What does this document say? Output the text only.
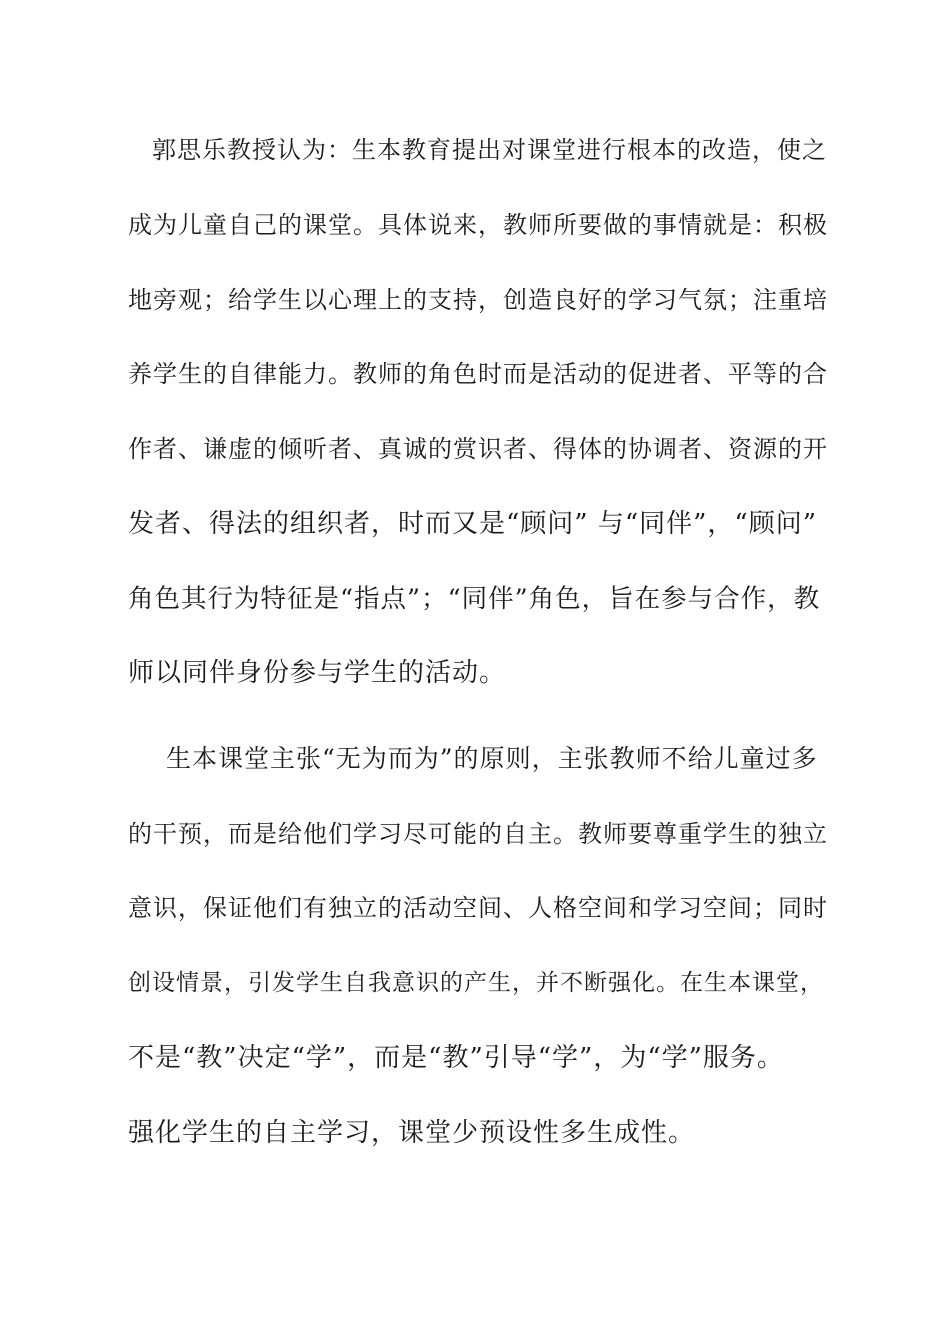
郭思乐教授认为：生本教育提出对课堂进行根本的改造，使之
成为儿童自己的课堂。具体说来，教师所要做的事情就是：积极
地旁观；给学生以心理上的支持，创造良好的学习气氛；注重培
养学生的自律能力。教师的角色时而是活动的促进者、平等的合
作者、谦虚的倾听者、真诚的赏识者、得体的协调者、资源的开
发者、得法的组织者，时而又是“顾问” 与“同伴”，“顾问”
角色其行为特征是“指点”；“同伴”角色，旨在参与合作，教
师以同伴身份参与学生的活动。
生本课堂主张“无为而为”的原则，主张教师不给儿童过多
的干预，而是给他们学习尽可能的自主。教师要尊重学生的独立
意识，保证他们有独立的活动空间、人格空间和学习空间；同时
创设情景，引发学生自我意识的产生，并不断强化。在生本课堂，
不是“教”决定“学”，而是“教”引导“学”，为“学”服务。
强化学生的自主学习，课堂少预设性多生成性。
